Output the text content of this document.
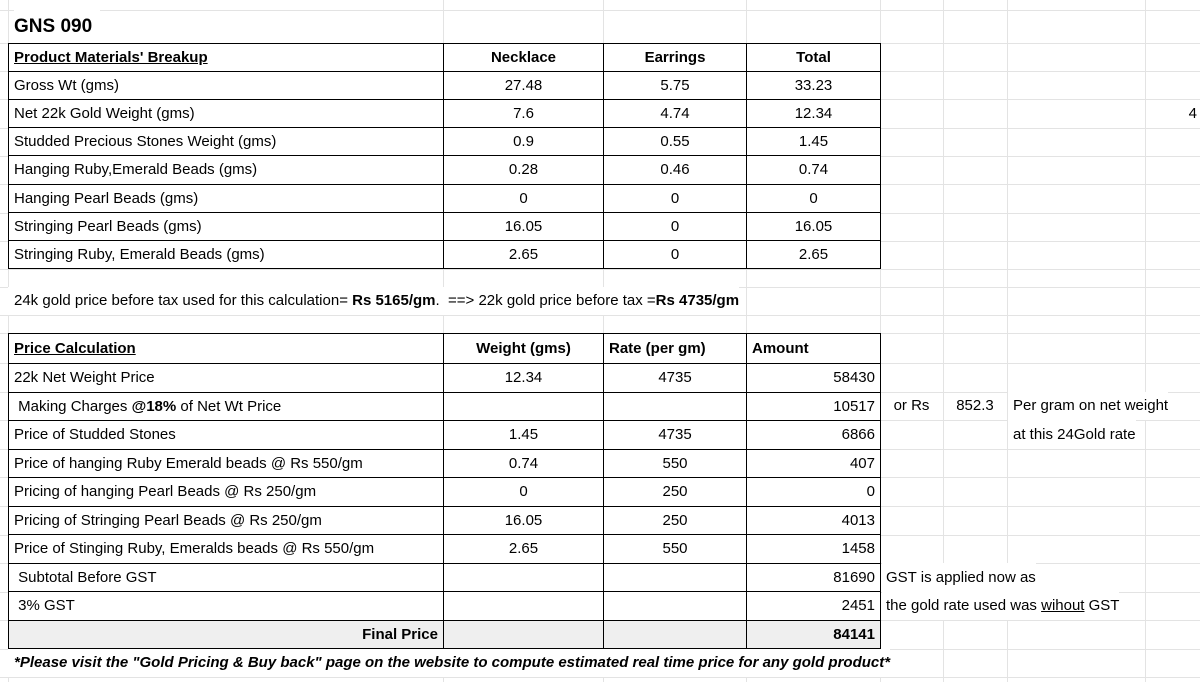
GNS 090
Product Materials' Breakup	Necklace	Earrings	Total
Gross Wt (gms)	27.48	5.75	33.23
Net 22k Gold Weight (gms)	7.6	4.74	12.34
Studded Precious Stones Weight (gms)	0.9	0.55	1.45
Hanging Ruby,Emerald Beads (gms)	0.28	0.46	0.74
Hanging Pearl Beads (gms)	0	0	0
Stringing Pearl Beads (gms)	16.05	0	16.05
Stringing Ruby, Emerald Beads (gms)	2.65	0	2.65
24k gold price before tax used for this calculation= Rs 5165/gm.  ==> 22k gold price before tax =Rs 4735/gm
Price Calculation	Weight (gms)	Rate (per gm)	Amount
22k Net Weight Price	12.34	4735	58430
Making Charges @18% of Net Wt Price			10517
Price of Studded Stones	1.45	4735	6866
Price of hanging Ruby Emerald beads @ Rs 550/gm	0.74	550	407
Pricing of hanging Pearl Beads @ Rs 250/gm	0	250	0
Pricing of Stringing Pearl Beads @ Rs 250/gm	16.05	250	4013
Price of Stinging Ruby, Emeralds beads @ Rs 550/gm	2.65	550	1458
Subtotal Before GST			81690
3% GST			2451
Final Price			84141
or Rs	852.3	Per gram on net weight
at this 24Gold rate
GST is applied now as
the gold rate used was wihout GST
4
*Please visit the "Gold Pricing & Buy back" page on the website to compute estimated real time price for any gold product*
